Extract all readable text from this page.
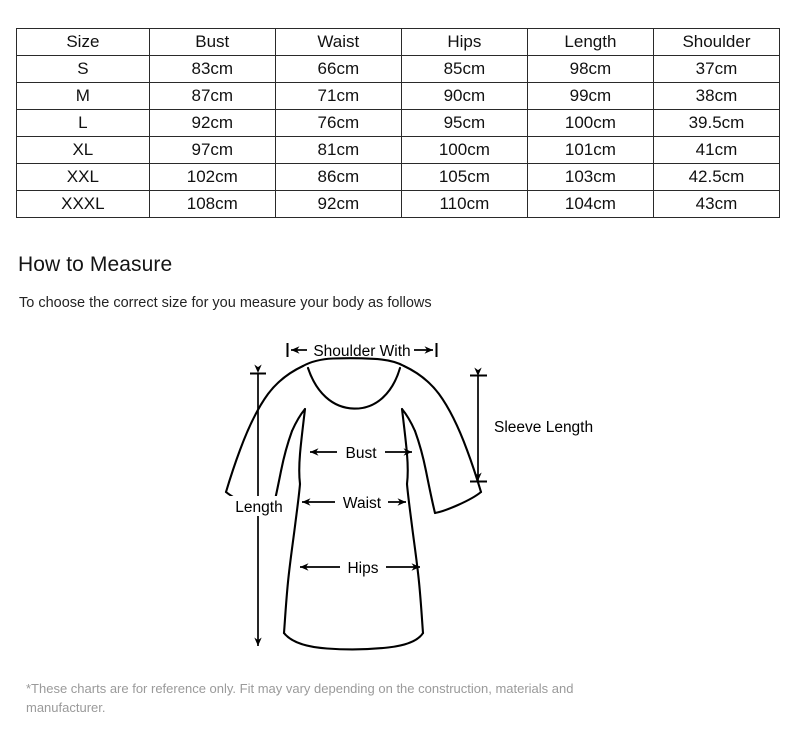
Size	Bust	Waist	Hips	Length	Shoulder
S	83cm	66cm	85cm	98cm	37cm
M	87cm	71cm	90cm	99cm	38cm
L	92cm	76cm	95cm	100cm	39.5cm
XL	97cm	81cm	100cm	101cm	41cm
XXL	102cm	86cm	105cm	103cm	42.5cm
XXXL	108cm	92cm	110cm	104cm	43cm
How to Measure
To choose the correct size for you measure your body as follows
Shoulder With
Length
Sleeve Length
Bust
Waist
Hips
*These charts are for reference only. Fit may vary depending on the construction, materials and manufacturer.
